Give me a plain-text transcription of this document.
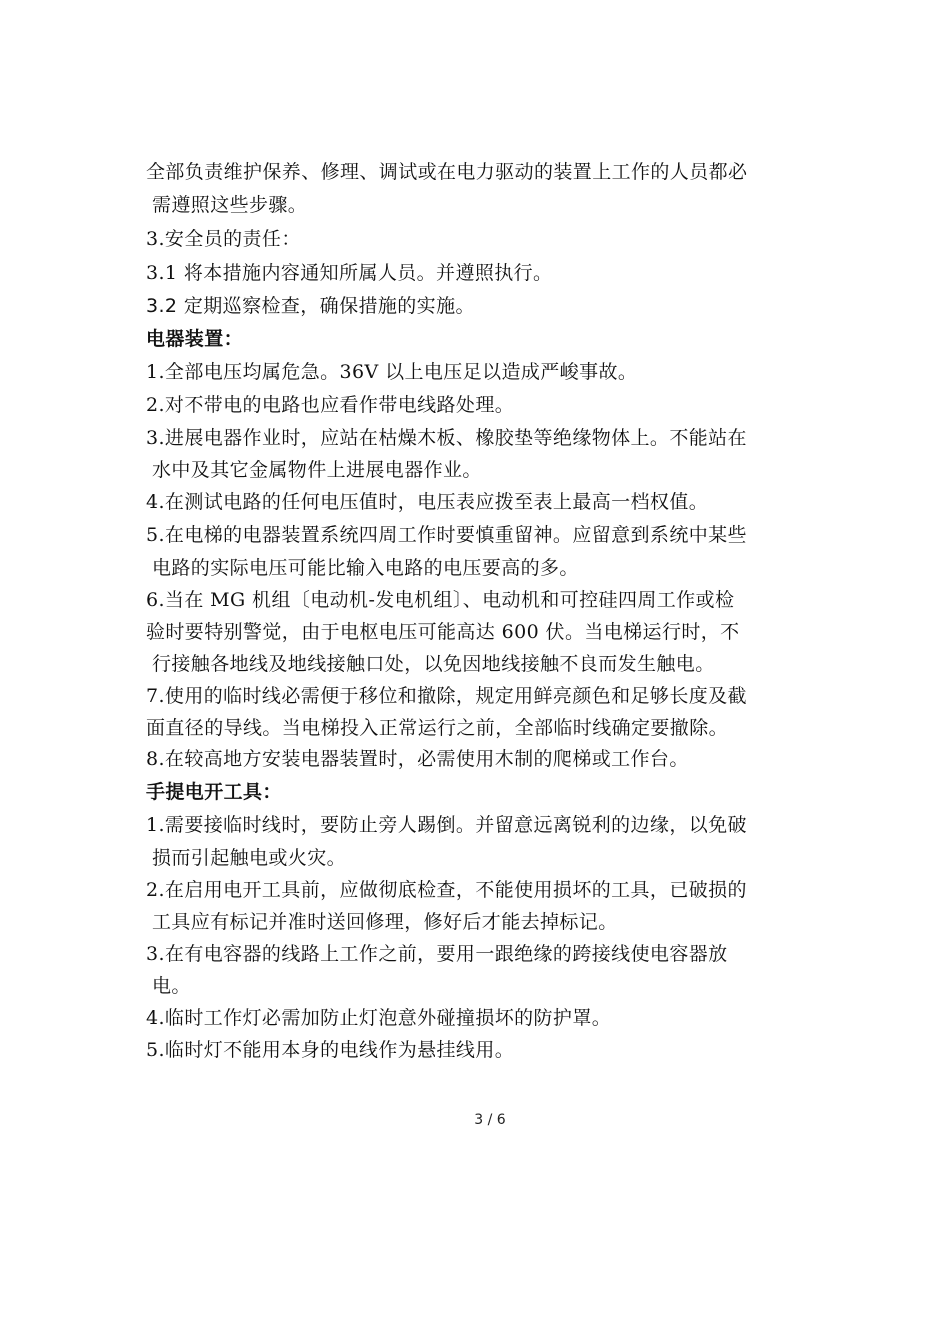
全部负责维护保养、修理、调试或在电力驱动的装置上工作的人员都必
需遵照这些步骤。
3.安全员的责任：
3.1 将本措施内容通知所属人员。并遵照执行。
3.2 定期巡察检查，确保措施的实施。
电器装置：
1.全部电压均属危急。36V 以上电压足以造成严峻事故。
2.对不带电的电路也应看作带电线路处理。
3.进展电器作业时，应站在枯燥木板、橡胶垫等绝缘物体上。不能站在
水中及其它金属物件上进展电器作业。
4.在测试电路的任何电压值时，电压表应拨至表上最高一档权值。
5.在电梯的电器装置系统四周工作时要慎重留神。应留意到系统中某些
电路的实际电压可能比输入电路的电压要高的多。
6.当在 MG 机组〔电动机-发电机组〕、电动机和可控硅四周工作或检
验时要特别警觉，由于电枢电压可能高达 600 伏。当电梯运行时，不
行接触各地线及地线接触口处，以免因地线接触不良而发生触电。
7.使用的临时线必需便于移位和撤除，规定用鲜亮颜色和足够长度及截
面直径的导线。当电梯投入正常运行之前，全部临时线确定要撤除。
8.在较高地方安装电器装置时，必需使用木制的爬梯或工作台。
手提电开工具：
1.需要接临时线时，要防止旁人踢倒。并留意远离锐利的边缘，以免破
损而引起触电或火灾。
2.在启用电开工具前，应做彻底检查，不能使用损坏的工具，已破损的
工具应有标记并准时送回修理，修好后才能去掉标记。
3.在有电容器的线路上工作之前，要用一跟绝缘的跨接线使电容器放
电。
4.临时工作灯必需加防止灯泡意外碰撞损坏的防护罩。
5.临时灯不能用本身的电线作为悬挂线用。
3 / 6
